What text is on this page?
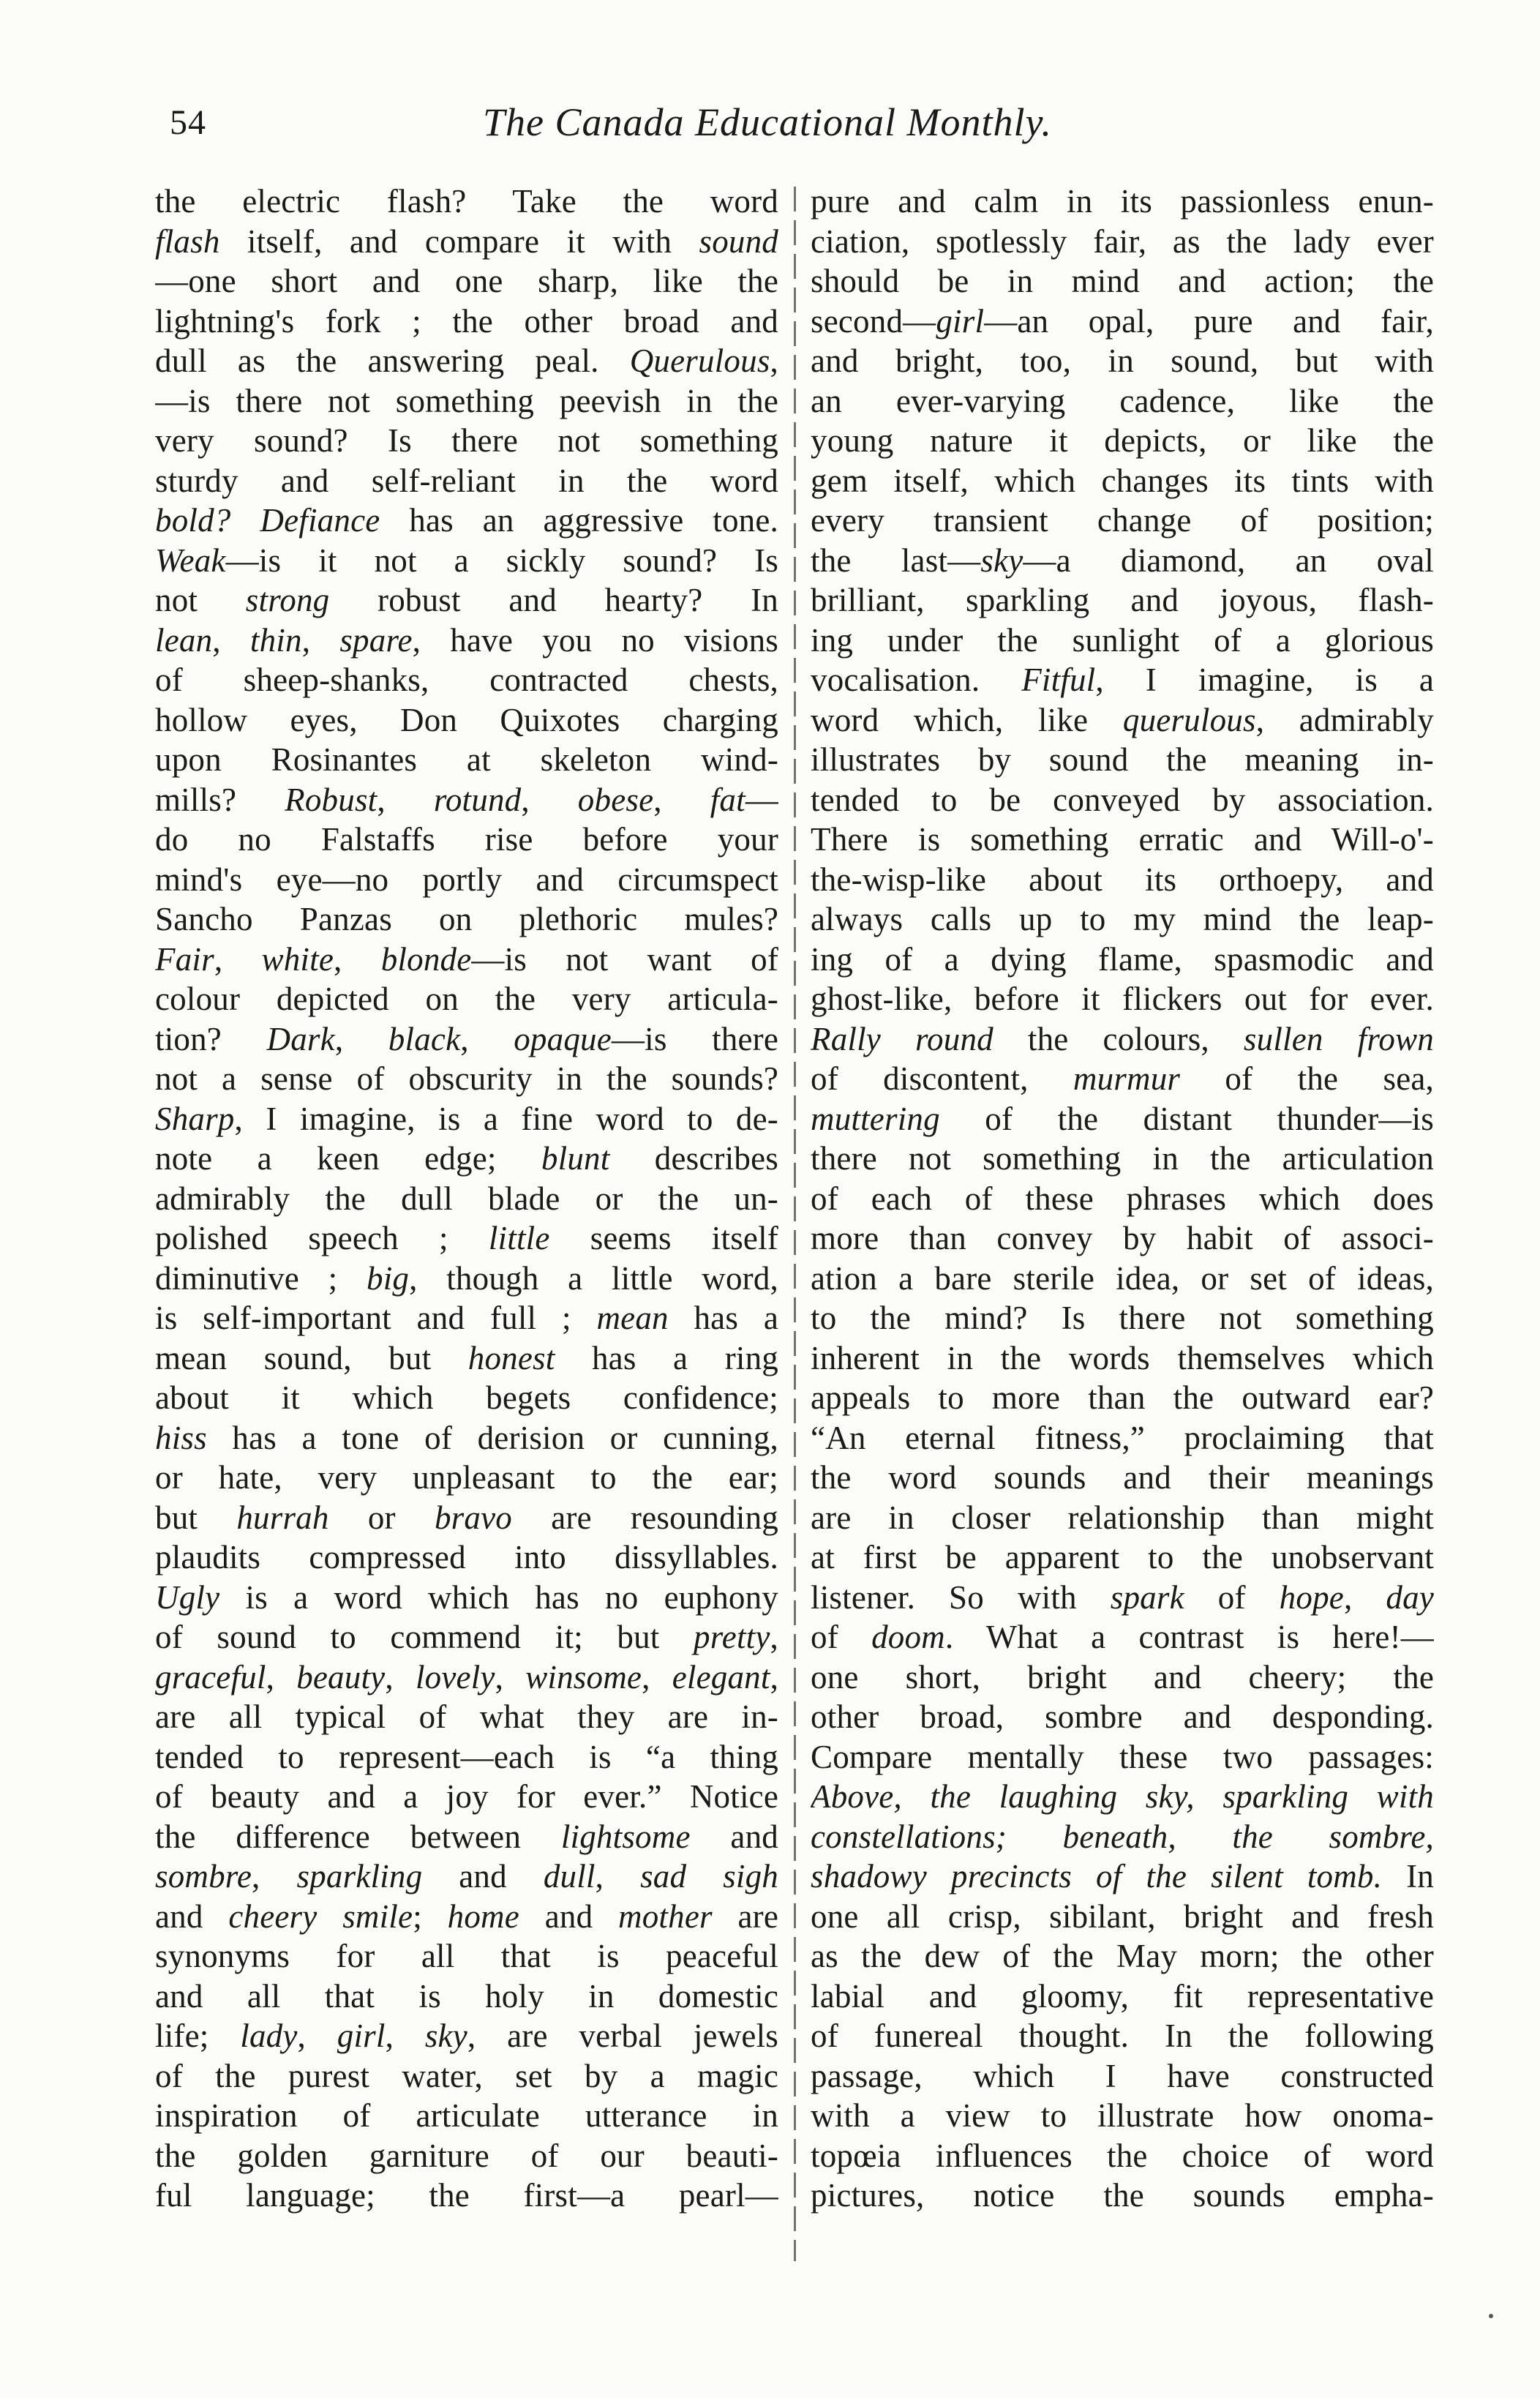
54	The Canada Educational Monthly.
the electric flash? Take the word
flash itself, and compare it with sound
—one short and one sharp, like the
lightning's fork ; the other broad and
dull as the answering peal. Querulous,
—is there not something peevish in the
very sound? Is there not something
sturdy and self-reliant in the word
bold? Defiance has an aggressive tone.
Weak—is it not a sickly sound? Is
not strong robust and hearty? In
lean, thin, spare, have you no visions
of sheep-shanks, contracted chests,
hollow eyes, Don Quixotes charging
upon Rosinantes at skeleton wind-
mills? Robust, rotund, obese, fat—
do no Falstaffs rise before your
mind's eye—no portly and circumspect
Sancho Panzas on plethoric mules?
Fair, white, blonde—is not want of
colour depicted on the very articula-
tion? Dark, black, opaque—is there
not a sense of obscurity in the sounds?
Sharp, I imagine, is a fine word to de-
note a keen edge; blunt describes
admirably the dull blade or the un-
polished speech ; little seems itself
diminutive ; big, though a little word,
is self-important and full ; mean has a
mean sound, but honest has a ring
about it which begets confidence;
hiss has a tone of derision or cunning,
or hate, very unpleasant to the ear;
but hurrah or bravo are resounding
plaudits compressed into dissyllables.
Ugly is a word which has no euphony
of sound to commend it; but pretty,
graceful, beauty, lovely, winsome, elegant,
are all typical of what they are in-
tended to represent—each is “a thing
of beauty and a joy for ever.” Notice
the difference between lightsome and
sombre, sparkling and dull, sad sigh
and cheery smile; home and mother are
synonyms for all that is peaceful
and all that is holy in domestic
life; lady, girl, sky, are verbal jewels
of the purest water, set by a magic
inspiration of articulate utterance in
the golden garniture of our beauti-
ful language; the first—a pearl—
pure and calm in its passionless enun-
ciation, spotlessly fair, as the lady ever
should be in mind and action; the
second—girl—an opal, pure and fair,
and bright, too, in sound, but with
an ever-varying cadence, like the
young nature it depicts, or like the
gem itself, which changes its tints with
every transient change of position;
the last—sky—a diamond, an oval
brilliant, sparkling and joyous, flash-
ing under the sunlight of a glorious
vocalisation. Fitful, I imagine, is a
word which, like querulous, admirably
illustrates by sound the meaning in-
tended to be conveyed by association.
There is something erratic and Will-o'-
the-wisp-like about its orthoepy, and
always calls up to my mind the leap-
ing of a dying flame, spasmodic and
ghost-like, before it flickers out for ever.
Rally round the colours, sullen frown
of discontent, murmur of the sea,
muttering of the distant thunder—is
there not something in the articulation
of each of these phrases which does
more than convey by habit of associ-
ation a bare sterile idea, or set of ideas,
to the mind? Is there not something
inherent in the words themselves which
appeals to more than the outward ear?
“An eternal fitness,” proclaiming that
the word sounds and their meanings
are in closer relationship than might
at first be apparent to the unobservant
listener. So with spark of hope, day
of doom. What a contrast is here!—
one short, bright and cheery; the
other broad, sombre and desponding.
Compare mentally these two passages:
Above, the laughing sky, sparkling with
constellations; beneath, the sombre,
shadowy precincts of the silent tomb. In
one all crisp, sibilant, bright and fresh
as the dew of the May morn; the other
labial and gloomy, fit representative
of funereal thought. In the following
passage, which I have constructed
with a view to illustrate how onoma-
topœia influences the choice of word
pictures, notice the sounds empha-
